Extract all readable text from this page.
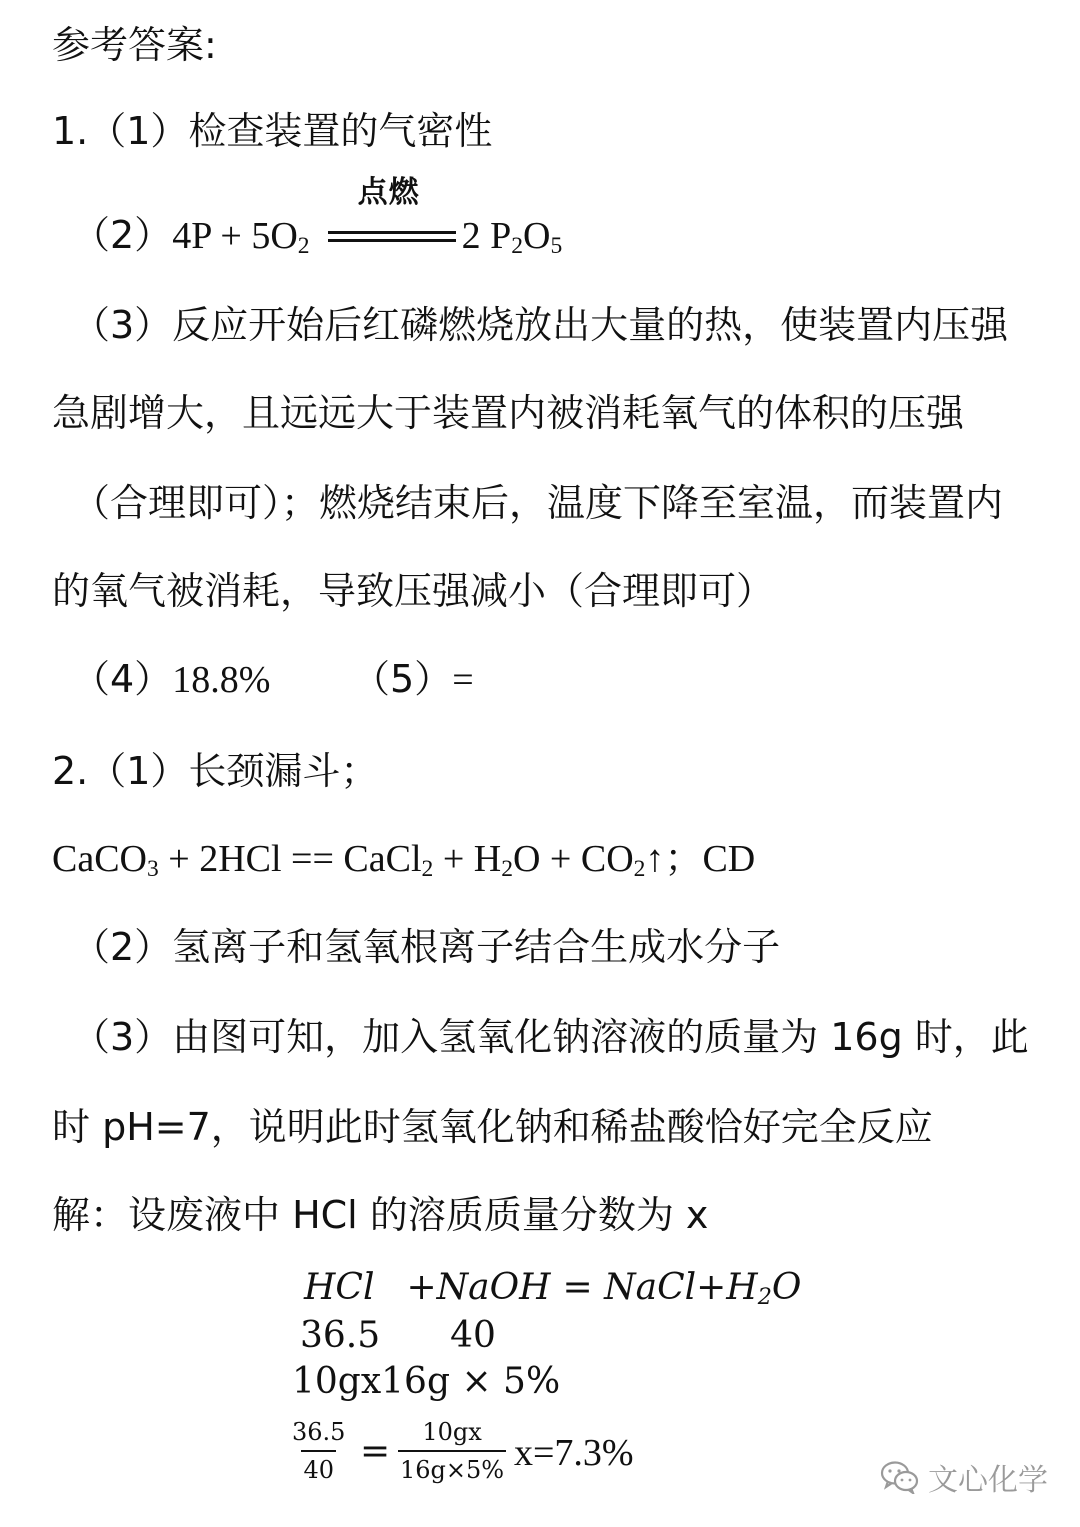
参考答案:
1.（1）检查装置的气密性
$(2)4P + 5O_2$
点燃
2 $P_2O_5$
（3）反应开始后红磷燃烧放出大量的热，使装置内压强
急剧增大，且远远大于装置内被消耗氧气的体积的压强
（合理即可）；燃烧结束后，温度下降至室温，而装置内
的氧气被消耗，导致压强减小（合理即可）
（4）18.8% （5）=
2.（1）长颈漏斗；
CaCO$_3$ + 2HCl == CaCl$_2$ + $H_2O$ + $CO_2↑$；CD
（2）氢离子和氢氧根离子结合生成水分子
（3）由图可知，加入氢氧化钠溶液的质量为 16g 时，此
时 pH=7，说明此时氢氧化钠和稀盐酸恰好完全反应
解：设废液中 HCl 的溶质质量分数为 x
HCl +NaOH = $NaCl+H_2O$
36.5 40
10gx16g × 5%
$\frac{36.5}{40} = \frac{10gx}{16g\times 5\%} x=7.3\%$
文心化学
